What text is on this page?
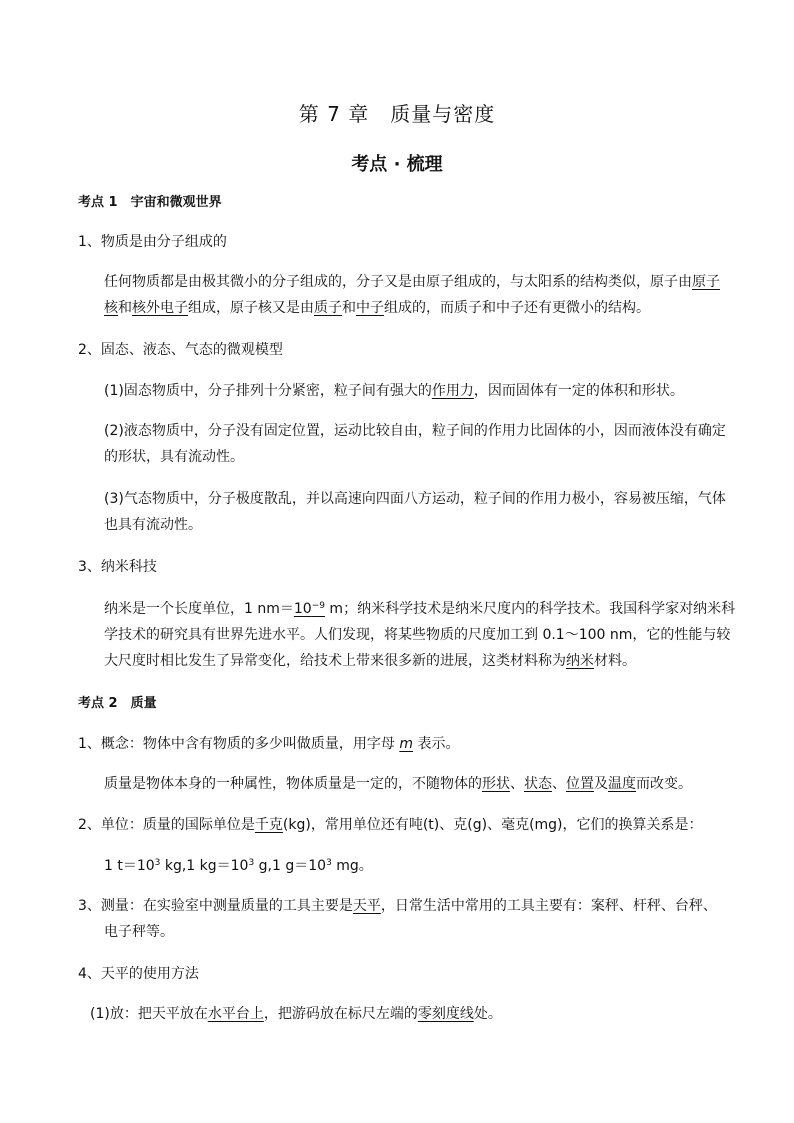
第 7 章　质量与密度
考点 · 梳理
考点 1　宇宙和微观世界
1、物质是由分子组成的
任何物质都是由极其微小的分子组成的，分子又是由原子组成的，与太阳系的结构类似，原子由原子
核和核外电子组成，原子核又是由质子和中子组成的，而质子和中子还有更微小的结构。
2、固态、液态、气态的微观模型
(1)固态物质中，分子排列十分紧密，粒子间有强大的作用力，因而固体有一定的体积和形状。
(2)液态物质中，分子没有固定位置，运动比较自由，粒子间的作用力比固体的小，因而液体没有确定
的形状，具有流动性。
(3)气态物质中，分子极度散乱，并以高速向四面八方运动，粒子间的作用力极小，容易被压缩，气体
也具有流动性。
3、纳米科技
纳米是一个长度单位，1 $nm=10^{-9}$ m；纳米科学技术是纳米尺度内的科学技术。我国科学家对纳米科
学技术的研究具有世界先进水平。人们发现，将某些物质的尺度加工到 0.1～100 nm，它的性能与较
大尺度时相比发生了异常变化，给技术上带来很多新的进展，这类材料称为纳米材料。
考点 2　质量
1、概念：物体中含有物质的多少叫做质量，用字母 m 表示。
质量是物体本身的一种属性，物体质量是一定的，不随物体的形状、状态、位置及温度而改变。
2、单位：质量的国际单位是千克(kg)，常用单位还有吨(t)、克(g)、毫克(mg)，它们的换算关系是：
1 $t=10^3$ kg,1 $kg=10^3$ g,1 $g=10^3$ mg。
3、测量：在实验室中测量质量的工具主要是天平，日常生活中常用的工具主要有：案秤、杆秤、台秤、
电子秤等。
4、天平的使用方法
(1)放：把天平放在水平台上，把游码放在标尺左端的零刻度线处。
